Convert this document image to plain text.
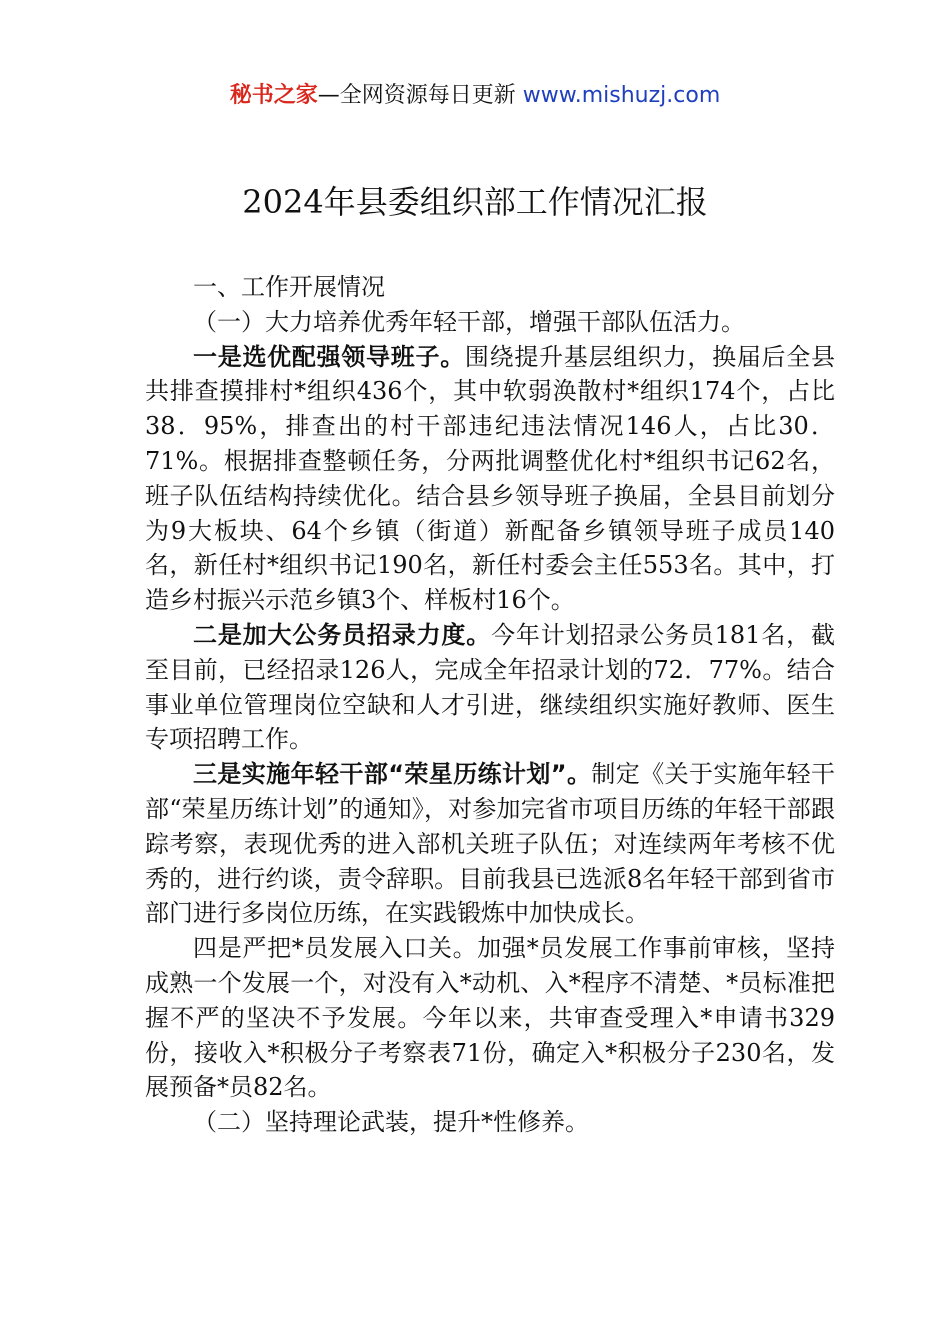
秘书之家—全网资源每日更新 www.mishuzj.com
2024年县委组织部工作情况汇报

一、工作开展情况

（一）大力培养优秀年轻干部，增强干部队伍活力。

一是选优配强领导班子。围绕提升基层组织力，换届后全县共排查摸排村*组织436个，其中软弱涣散村*组织174个，占比38．95%，排查出的村干部违纪违法情况146人，占比30．71%。根据排查整顿任务，分两批调整优化村*组织书记62名，班子队伍结构持续优化。结合县乡领导班子换届，全县目前划分为9大板块、64个乡镇（街道）新配备乡镇领导班子成员140名，新任村*组织书记190名，新任村委会主任553名。其中，打造乡村振兴示范乡镇3个、样板村16个。

二是加大公务员招录力度。今年计划招录公务员181名，截至目前，已经招录126人，完成全年招录计划的72．77%。结合事业单位管理岗位空缺和人才引进，继续组织实施好教师、医生专项招聘工作。

三是实施年轻干部“荣星历练计划”。制定《关于实施年轻干部“荣星历练计划”的通知》，对参加完省市项目历练的年轻干部跟踪考察，表现优秀的进入部机关班子队伍；对连续两年考核不优秀的，进行约谈，责令辞职。目前我县已选派8名年轻干部到省市部门进行多岗位历练，在实践锻炼中加快成长。

四是严把*员发展入口关。加强*员发展工作事前审核，坚持成熟一个发展一个，对没有入*动机、入*程序不清楚、*员标准把握不严的坚决不予发展。今年以来，共审查受理入*申请书329份，接收入*积极分子考察表71份，确定入*积极分子230名，发展预备*员82名。

（二）坚持理论武装，提升*性修养。
